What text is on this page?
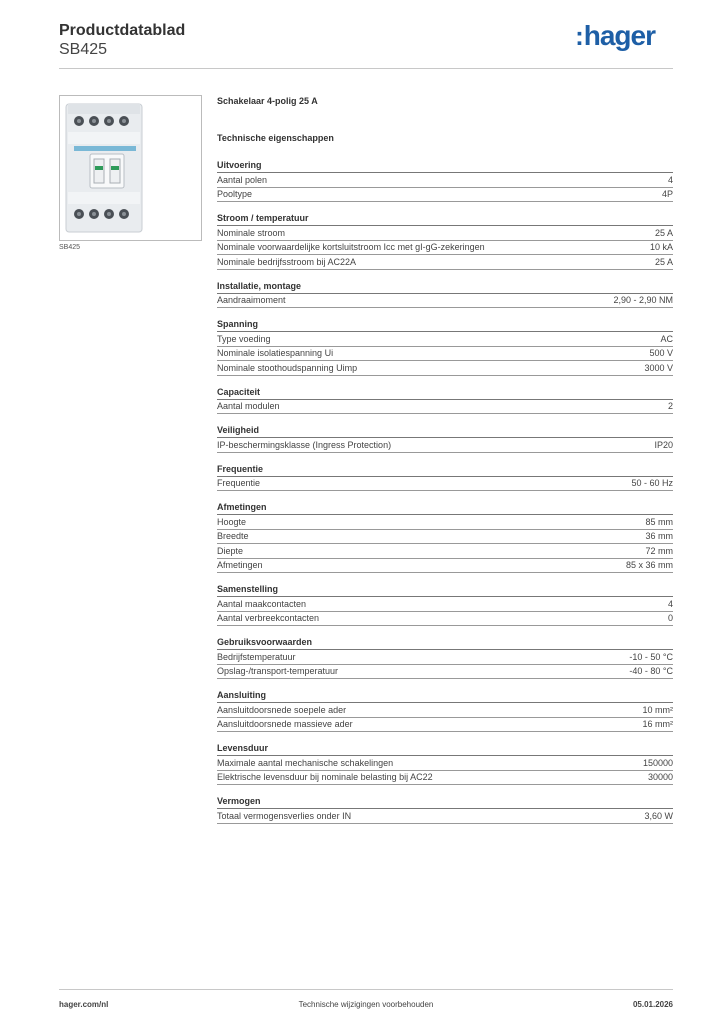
Productdatablad
SB425	:hager
SB425
Schakelaar 4-polig 25 A
Technische eigenschappen
Uitvoering
Aantal polen	4
Pooltype	4P
Stroom / temperatuur
Nominale stroom	25 A
Nominale voorwaardelijke kortsluitstroom Icc met gI-gG-zekeringen	10 kA
Nominale bedrijfsstroom bij AC22A	25 A
Installatie, montage
Aandraaimoment	2,90 - 2,90 NM
Spanning
Type voeding	AC
Nominale isolatiespanning Ui	500 V
Nominale stoothoudspanning Uimp	3000 V
Capaciteit
Aantal modulen	2
Veiligheid
IP-beschermingsklasse (Ingress Protection)	IP20
Frequentie
Frequentie	50 - 60 Hz
Afmetingen
Hoogte	85 mm
Breedte	36 mm
Diepte	72 mm
Afmetingen	85 x 36 mm
Samenstelling
Aantal maakcontacten	4
Aantal verbreekcontacten	0
Gebruiksvoorwaarden
Bedrijfstemperatuur	-10 - 50 °C
Opslag-/transport-temperatuur	-40 - 80 °C
Aansluiting
Aansluitdoorsnede soepele ader	10 mm²
Aansluitdoorsnede massieve ader	16 mm²
Levensduur
Maximale aantal mechanische schakelingen	150000
Elektrische levensduur bij nominale belasting bij AC22	30000
Vermogen
Totaal vermogensverlies onder IN	3,60 W
hager.com/nl	Technische wijzigingen voorbehouden	05.01.2026
